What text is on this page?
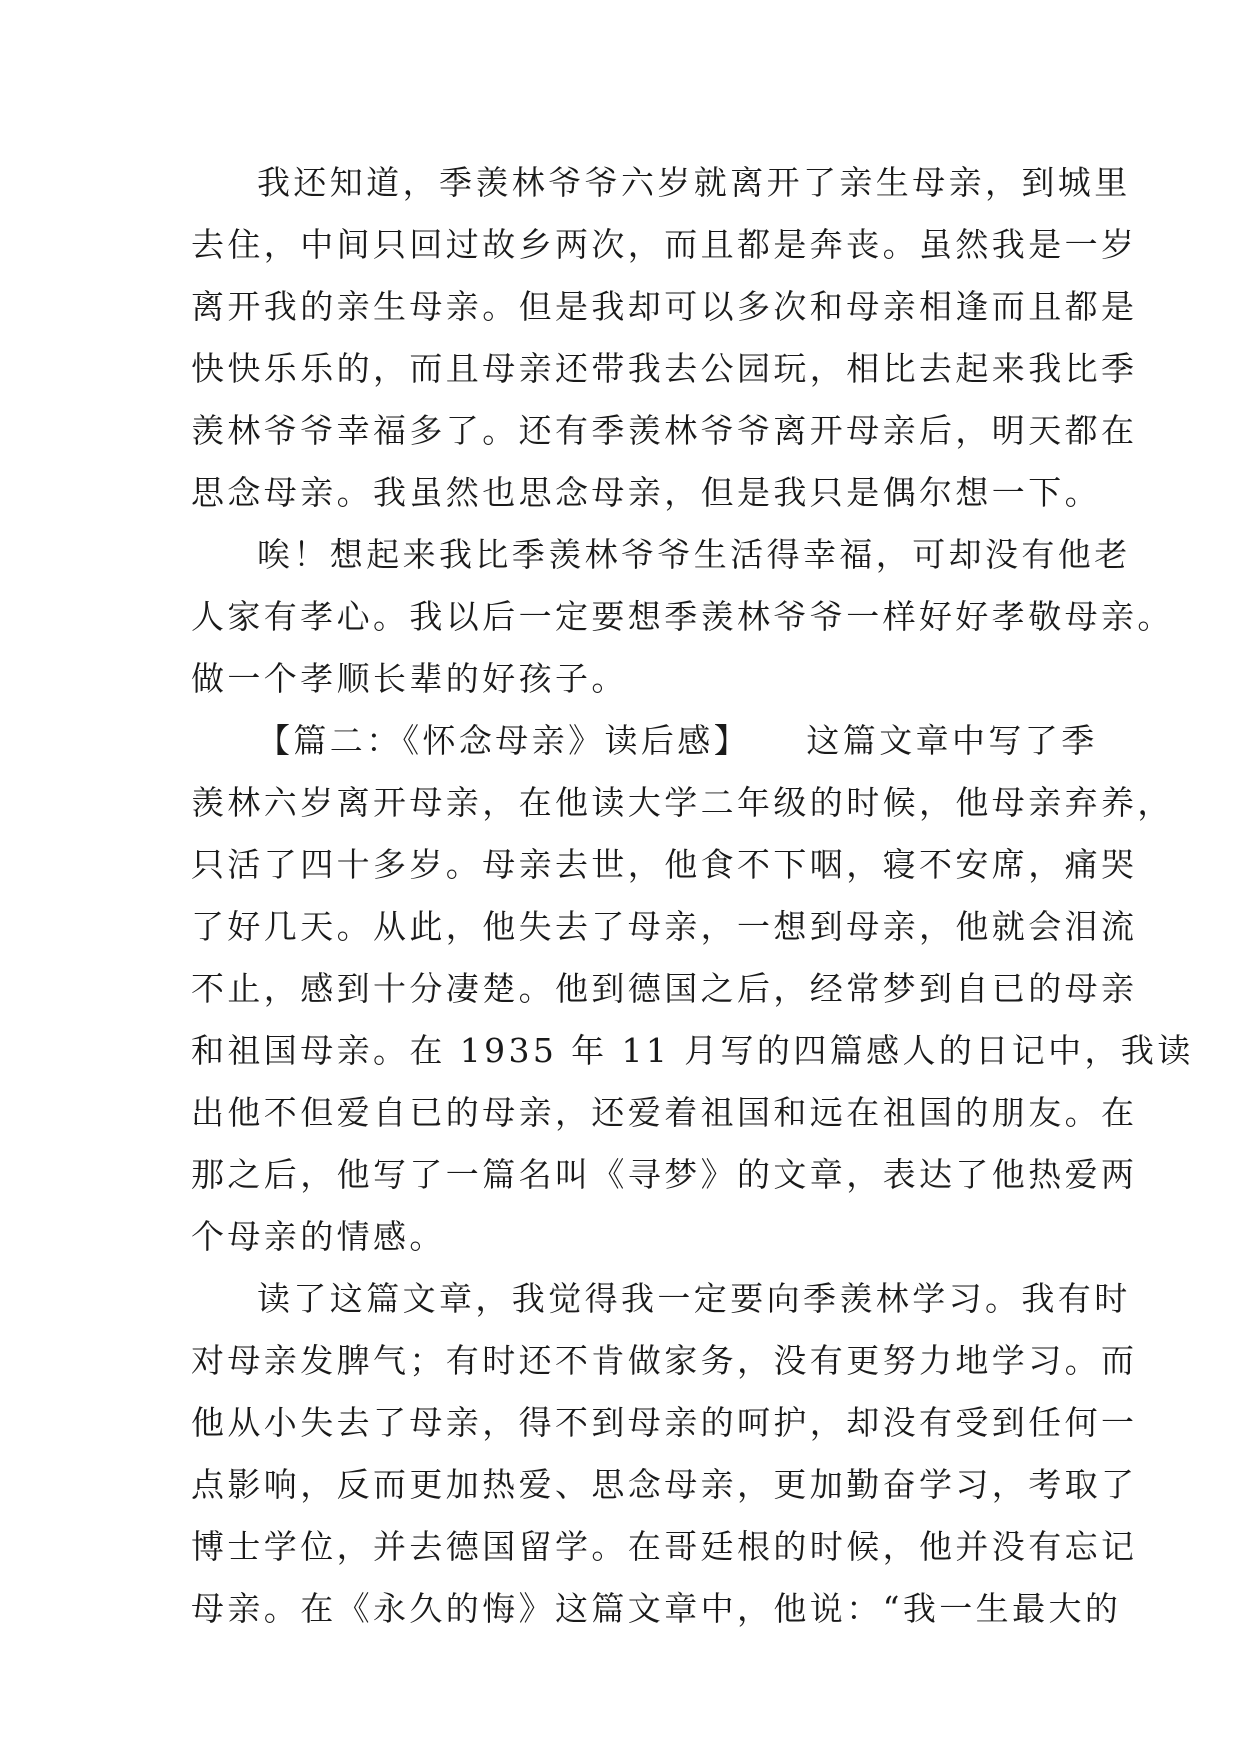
我还知道，季羡林爷爷六岁就离开了亲生母亲，到城里
去住，中间只回过故乡两次，而且都是奔丧。虽然我是一岁
离开我的亲生母亲。但是我却可以多次和母亲相逢而且都是
快快乐乐的，而且母亲还带我去公园玩，相比去起来我比季
羡林爷爷幸福多了。还有季羡林爷爷离开母亲后，明天都在
思念母亲。我虽然也思念母亲，但是我只是偶尔想一下。
唉！想起来我比季羡林爷爷生活得幸福，可却没有他老
人家有孝心。我以后一定要想季羡林爷爷一样好好孝敬母亲。
做一个孝顺长辈的好孩子。
【篇二：《怀念母亲》读后感】　　这篇文章中写了季
羡林六岁离开母亲，在他读大学二年级的时候，他母亲弃养，
只活了四十多岁。母亲去世，他食不下咽，寝不安席，痛哭
了好几天。从此，他失去了母亲，一想到母亲，他就会泪流
不止，感到十分凄楚。他到德国之后，经常梦到自已的母亲
和祖国母亲。在 1935 年 11 月写的四篇感人的日记中，我读
出他不但爱自已的母亲，还爱着祖国和远在祖国的朋友。在
那之后，他写了一篇名叫《寻梦》的文章，表达了他热爱两
个母亲的情感。
读了这篇文章，我觉得我一定要向季羡林学习。我有时
对母亲发脾气；有时还不肯做家务，没有更努力地学习。而
他从小失去了母亲，得不到母亲的呵护，却没有受到任何一
点影响，反而更加热爱、思念母亲，更加勤奋学习，考取了
博士学位，并去德国留学。在哥廷根的时候，他并没有忘记
母亲。在《永久的悔》这篇文章中，他说：“我一生最大的
